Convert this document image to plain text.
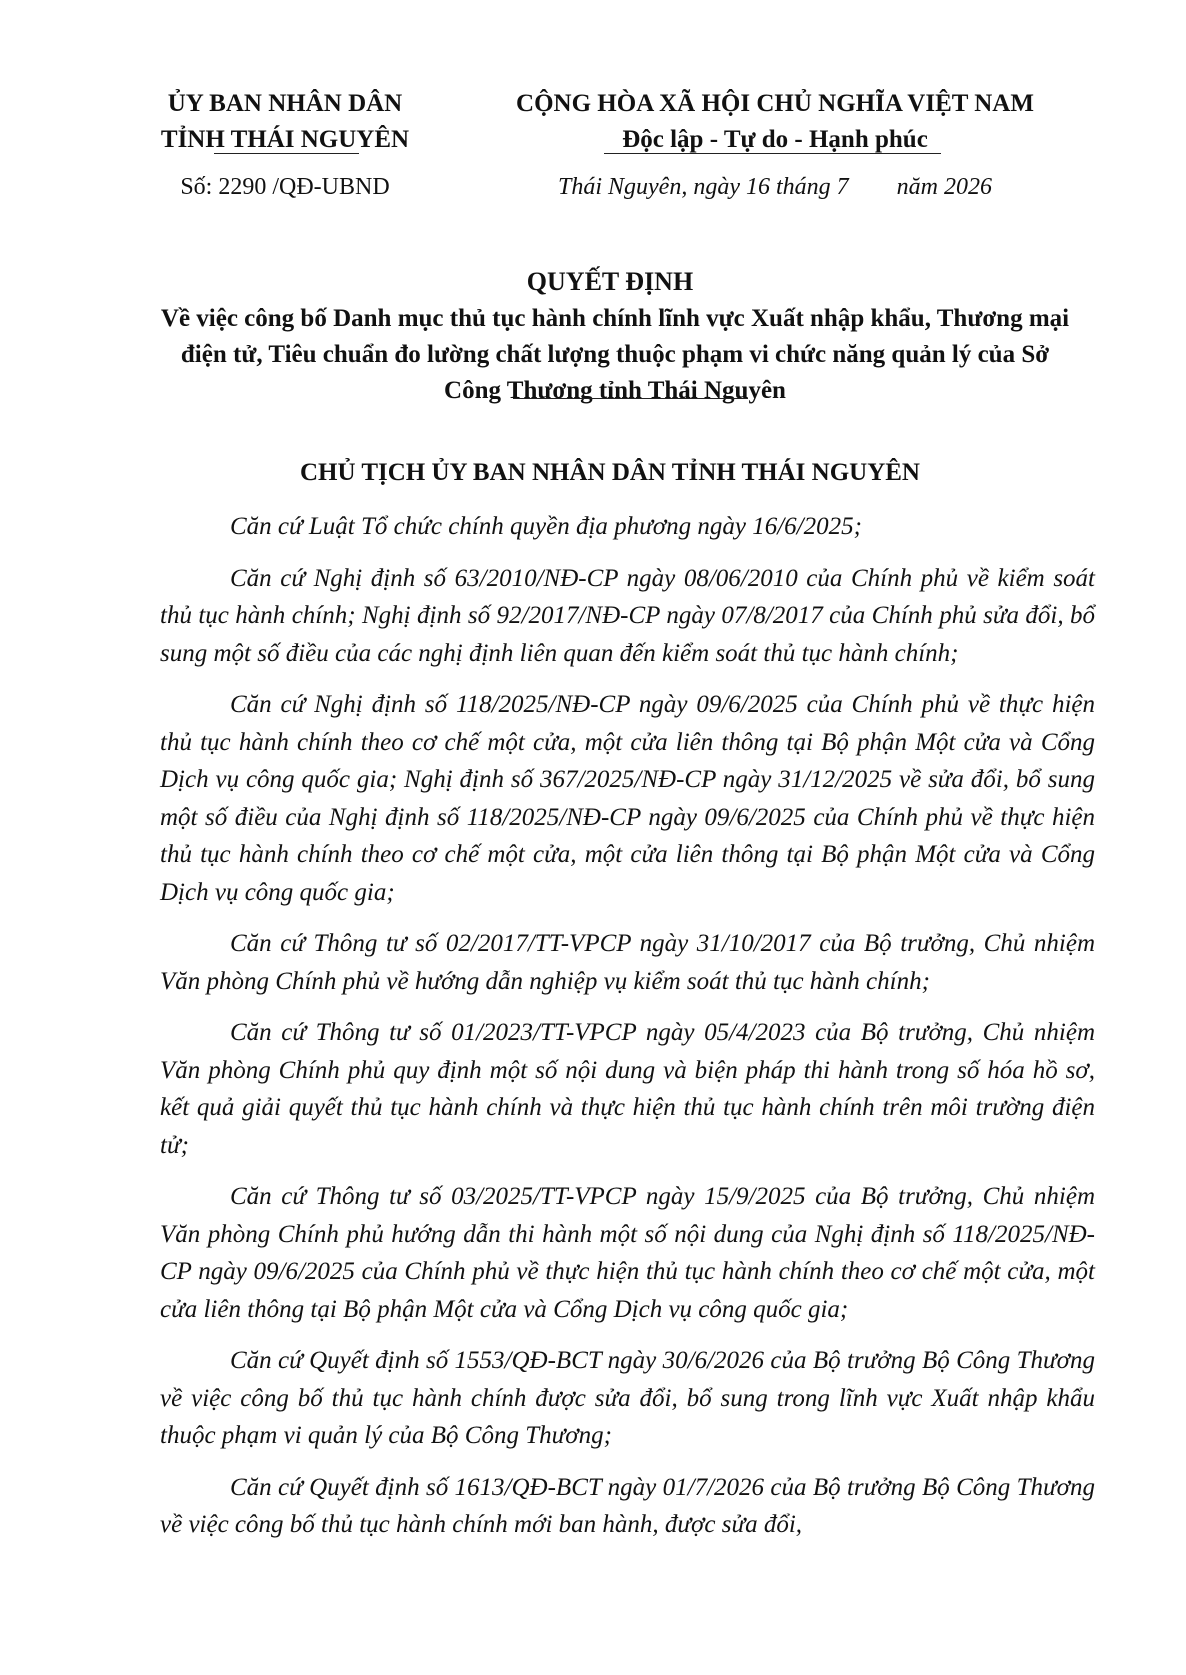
ỦY BAN NHÂN DÂN
TỈNH THÁI NGUYÊN
CỘNG HÒA XÃ HỘI CHỦ NGHĨA VIỆT NAM
Độc lập - Tự do - Hạnh phúc
Số: 2290 /QĐ-UBND	Thái Nguyên, ngày 16 tháng 7 năm 2026
QUYẾT ĐỊNH
Về việc công bố Danh mục thủ tục hành chính lĩnh vực Xuất nhập khẩu, Thương mại điện tử, Tiêu chuẩn đo lường chất lượng thuộc phạm vi chức năng quản lý của Sở Công Thương tỉnh Thái Nguyên
CHỦ TỊCH ỦY BAN NHÂN DÂN TỈNH THÁI NGUYÊN

Căn cứ Luật Tổ chức chính quyền địa phương ngày 16/6/2025;

Căn cứ Nghị định số 63/2010/NĐ-CP ngày 08/06/2010 của Chính phủ về kiểm soát thủ tục hành chính; Nghị định số 92/2017/NĐ-CP ngày 07/8/2017 của Chính phủ sửa đổi, bổ sung một số điều của các nghị định liên quan đến kiểm soát thủ tục hành chính;

Căn cứ Nghị định số 118/2025/NĐ-CP ngày 09/6/2025 của Chính phủ về thực hiện thủ tục hành chính theo cơ chế một cửa, một cửa liên thông tại Bộ phận Một cửa và Cổng Dịch vụ công quốc gia; Nghị định số 367/2025/NĐ-CP ngày 31/12/2025 về sửa đổi, bổ sung một số điều của Nghị định số 118/2025/NĐ-CP ngày 09/6/2025 của Chính phủ về thực hiện thủ tục hành chính theo cơ chế một cửa, một cửa liên thông tại Bộ phận Một cửa và Cổng Dịch vụ công quốc gia;

Căn cứ Thông tư số 02/2017/TT-VPCP ngày 31/10/2017 của Bộ trưởng, Chủ nhiệm Văn phòng Chính phủ về hướng dẫn nghiệp vụ kiểm soát thủ tục hành chính;

Căn cứ Thông tư số 01/2023/TT-VPCP ngày 05/4/2023 của Bộ trưởng, Chủ nhiệm Văn phòng Chính phủ quy định một số nội dung và biện pháp thi hành trong số hóa hồ sơ, kết quả giải quyết thủ tục hành chính và thực hiện thủ tục hành chính trên môi trường điện tử;

Căn cứ Thông tư số 03/2025/TT-VPCP ngày 15/9/2025 của Bộ trưởng, Chủ nhiệm Văn phòng Chính phủ hướng dẫn thi hành một số nội dung của Nghị định số 118/2025/NĐ-CP ngày 09/6/2025 của Chính phủ về thực hiện thủ tục hành chính theo cơ chế một cửa, một cửa liên thông tại Bộ phận Một cửa và Cổng Dịch vụ công quốc gia;

Căn cứ Quyết định số 1553/QĐ-BCT ngày 30/6/2026 của Bộ trưởng Bộ Công Thương về việc công bố thủ tục hành chính được sửa đổi, bổ sung trong lĩnh vực Xuất nhập khẩu thuộc phạm vi quản lý của Bộ Công Thương;

Căn cứ Quyết định số 1613/QĐ-BCT ngày 01/7/2026 của Bộ trưởng Bộ Công Thương về việc công bố thủ tục hành chính mới ban hành, được sửa đổi,
